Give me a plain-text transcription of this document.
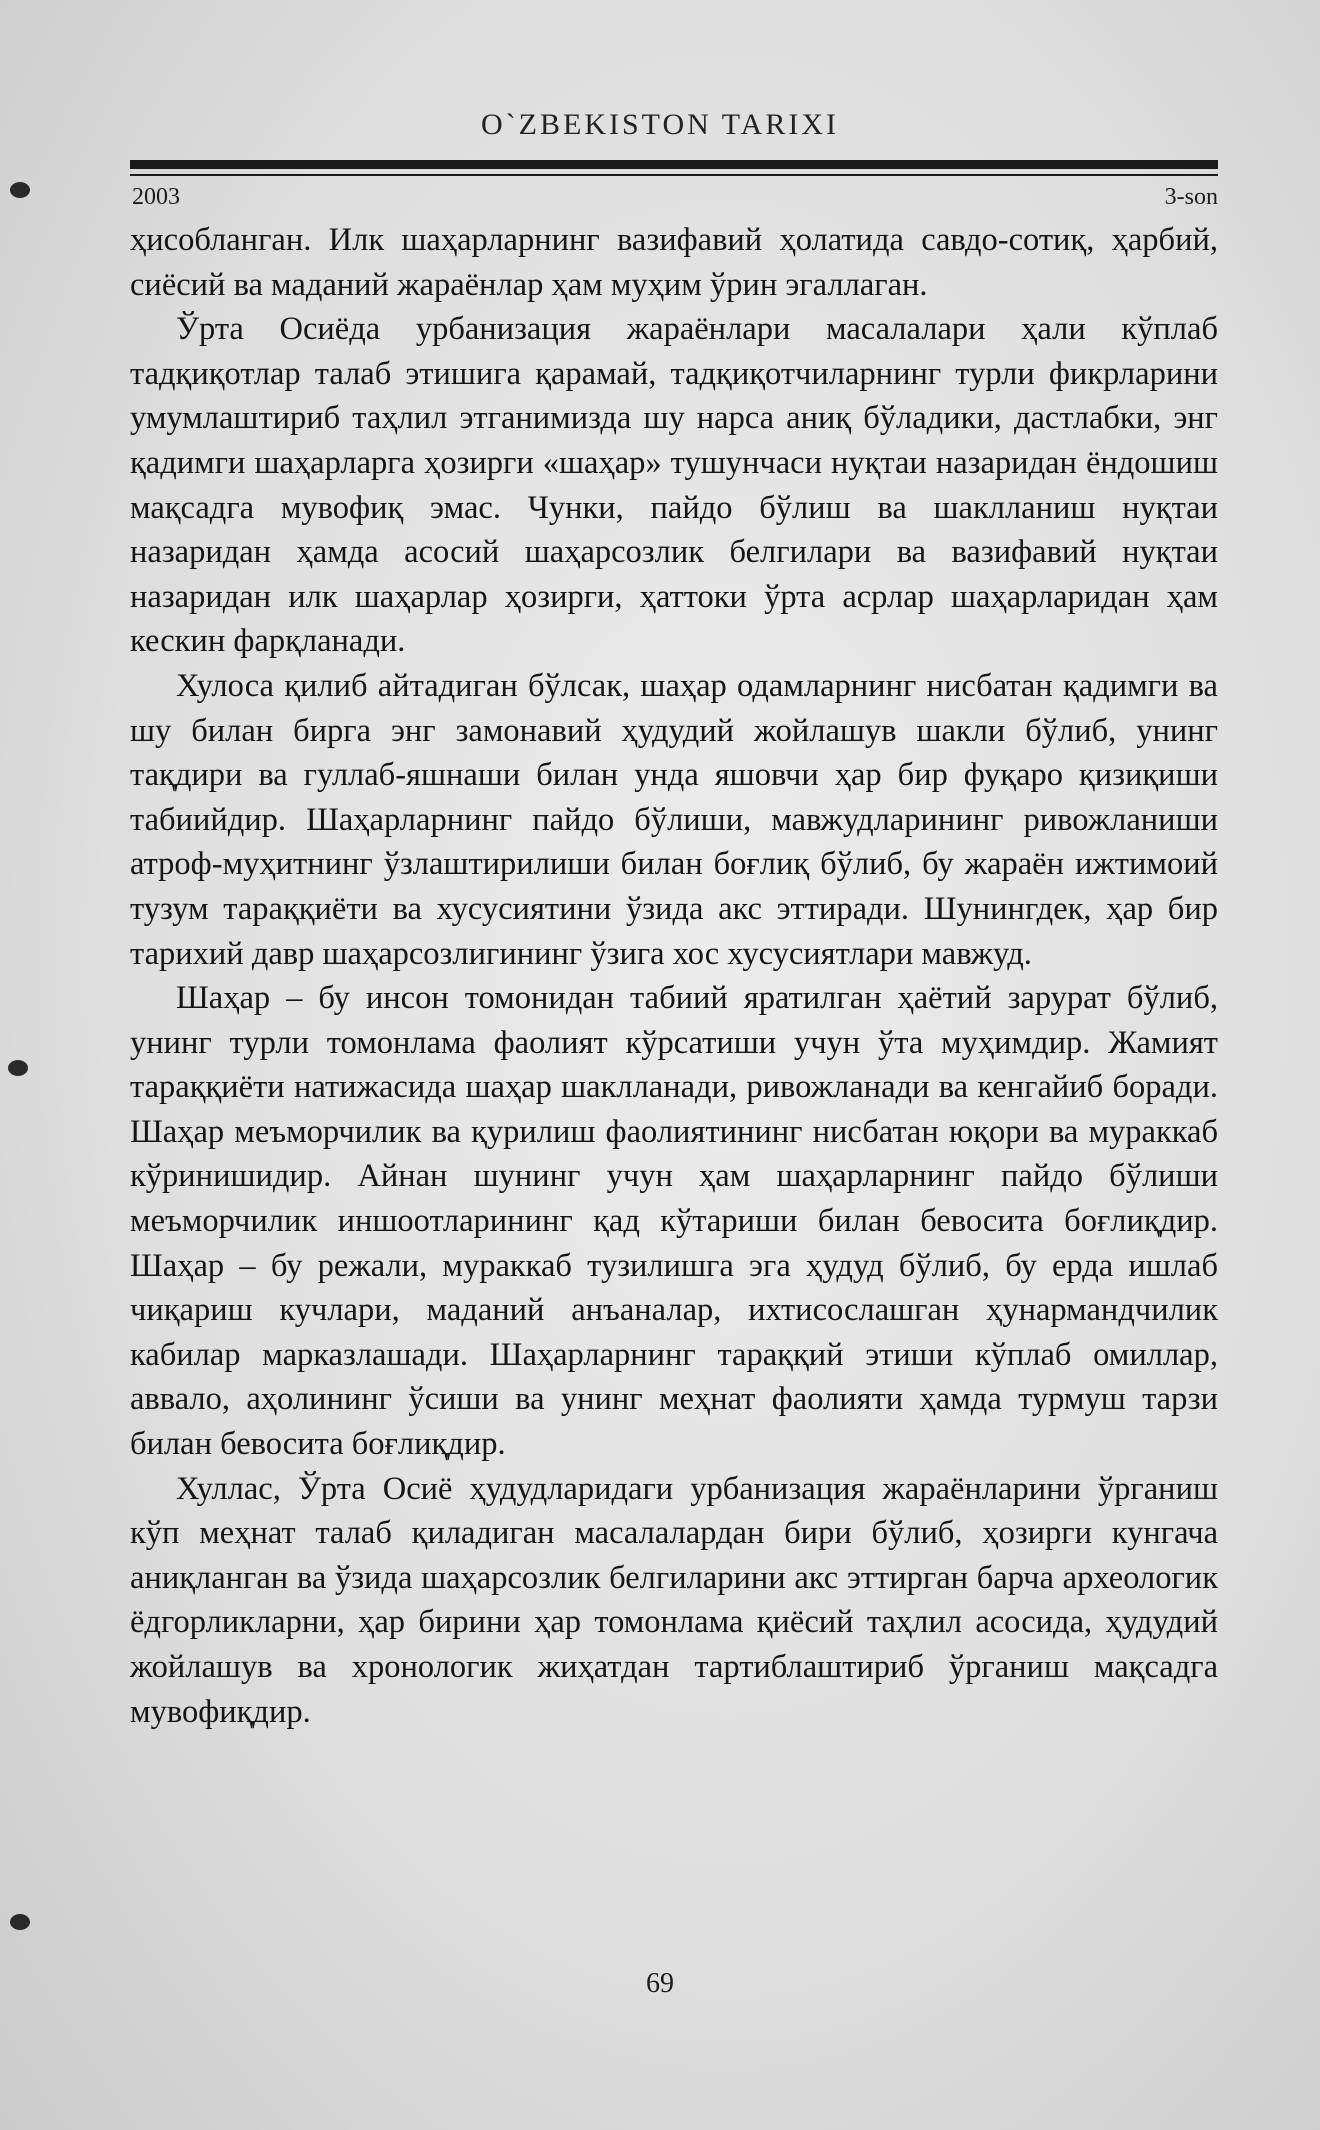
O`ZBEKISTON TARIXI
2003	3-son

ҳисобланган. Илк шаҳарларнинг вазифавий ҳолатида савдо-сотиқ, ҳарбий, сиёсий ва маданий жараёнлар ҳам муҳим ўрин эгаллаган.

Ўрта Осиёда урбанизация жараёнлари масалалари ҳали кўплаб тадқиқотлар талаб этишига қарамай, тадқиқотчиларнинг турли фикрларини умумлаштириб таҳлил этганимизда шу нарса аниқ бўладики, дастлабки, энг қадимги шаҳарларга ҳозирги «шаҳар» тушунчаси нуқтаи назаридан ёндошиш мақсадга мувофиқ эмас. Чунки, пайдо бўлиш ва шаклланиш нуқтаи назаридан ҳамда асосий шаҳарсозлик белгилари ва вазифавий нуқтаи назаридан илк шаҳарлар ҳозирги, ҳаттоки ўрта асрлар шаҳарларидан ҳам кескин фарқланади.

Хулоса қилиб айтадиган бўлсак, шаҳар одамларнинг нисбатан қадимги ва шу билан бирга энг замонавий ҳудудий жойлашув шакли бўлиб, унинг тақдири ва гуллаб-яшнаши билан унда яшовчи ҳар бир фуқаро қизиқиши табиийдир. Шаҳарларнинг пайдо бўлиши, мавжудларининг ривожланиши атроф-муҳитнинг ўзлаштирилиши билан боғлиқ бўлиб, бу жараён ижтимоий тузум тараққиёти ва хусусиятини ўзида акс эттиради. Шунингдек, ҳар бир тарихий давр шаҳарсозлигининг ўзига хос хусусиятлари мавжуд.

Шаҳар – бу инсон томонидан табиий яратилган ҳаётий зарурат бўлиб, унинг турли томонлама фаолият кўрсатиши учун ўта муҳимдир. Жамият тараққиёти натижасида шаҳар шаклланади, ривожланади ва кенгайиб боради. Шаҳар меъморчилик ва қурилиш фаолиятининг нисбатан юқори ва мураккаб кўринишидир. Айнан шунинг учун ҳам шаҳарларнинг пайдо бўлиши меъморчилик иншоотларининг қад кўтариши билан бевосита боғлиқдир. Шаҳар – бу режали, мураккаб тузилишга эга ҳудуд бўлиб, бу ерда ишлаб чиқариш кучлари, маданий анъаналар, ихтисослашган ҳунармандчилик кабилар марказлашади. Шаҳарларнинг тараққий этиши кўплаб омиллар, аввало, аҳолининг ўсиши ва унинг меҳнат фаолияти ҳамда турмуш тарзи билан бевосита боғлиқдир.

Хуллас, Ўрта Осиё ҳудудларидаги урбанизация жараёнларини ўрганиш кўп меҳнат талаб қиладиган масалалардан бири бўлиб, ҳозирги кунгача аниқланган ва ўзида шаҳарсозлик белгиларини акс эттирган барча археологик ёдгорликларни, ҳар бирини ҳар томонлама қиёсий таҳлил асосида, ҳудудий жойлашув ва хронологик жиҳатдан тартиблаштириб ўрганиш мақсадга мувофиқдир.

69
